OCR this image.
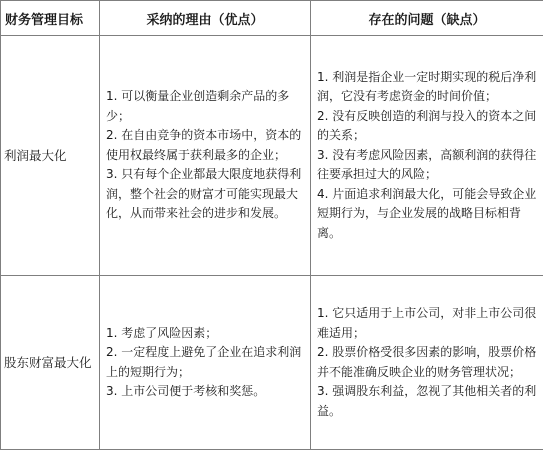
财务管理目标	采纳的理由（优点）	存在的问题（缺点）
利润最大化	1. 可以衡量企业创造剩余产品的多少；
2. 在自由竞争的资本市场中，资本的使用权最终属于获利最多的企业；
3. 只有每个企业都最大限度地获得利润，整个社会的财富才可能实现最大化，从而带来社会的进步和发展。	1. 利润是指企业一定时期实现的税后净利润，它没有考虑资金的时间价值；
2. 没有反映创造的利润与投入的资本之间的关系；
3. 没有考虑风险因素，高额利润的获得往往要承担过大的风险；
4. 片面追求利润最大化，可能会导致企业短期行为，与企业发展的战略目标相背离。

股东财富最大化	1. 考虑了风险因素；
2. 一定程度上避免了企业在追求利润上的短期行为；
3. 上市公司便于考核和奖惩。	1. 它只适用于上市公司，对非上市公司很难适用；
2. 股票价格受很多因素的影响，股票价格并不能准确反映企业的财务管理状况；
3. 强调股东利益，忽视了其他相关者的利益。
